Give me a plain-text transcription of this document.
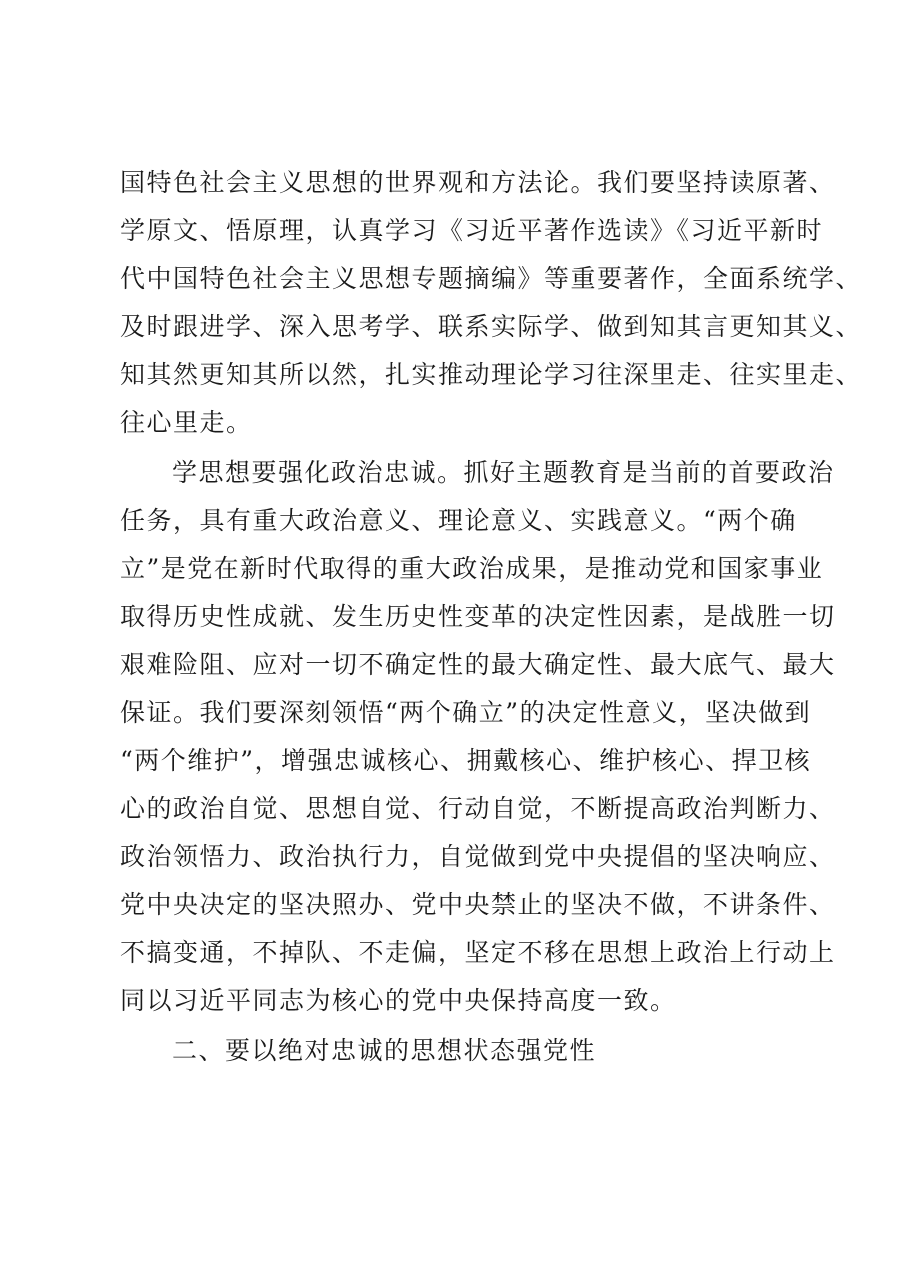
国特色社会主义思想的世界观和方法论。我们要坚持读原著、
学原文、悟原理，认真学习《习近平著作选读》《习近平新时
代中国特色社会主义思想专题摘编》等重要著作，全面系统学、
及时跟进学、深入思考学、联系实际学、做到知其言更知其义、
知其然更知其所以然，扎实推动理论学习往深里走、往实里走、
往心里走。
学思想要强化政治忠诚。抓好主题教育是当前的首要政治
任务，具有重大政治意义、理论意义、实践意义。“两个确
立”是党在新时代取得的重大政治成果，是推动党和国家事业
取得历史性成就、发生历史性变革的决定性因素，是战胜一切
艰难险阻、应对一切不确定性的最大确定性、最大底气、最大
保证。我们要深刻领悟“两个确立”的决定性意义，坚决做到
“两个维护”，增强忠诚核心、拥戴核心、维护核心、捍卫核
心的政治自觉、思想自觉、行动自觉，不断提高政治判断力、
政治领悟力、政治执行力，自觉做到党中央提倡的坚决响应、
党中央决定的坚决照办、党中央禁止的坚决不做，不讲条件、
不搞变通，不掉队、不走偏，坚定不移在思想上政治上行动上
同以习近平同志为核心的党中央保持高度一致。
二、要以绝对忠诚的思想状态强党性
